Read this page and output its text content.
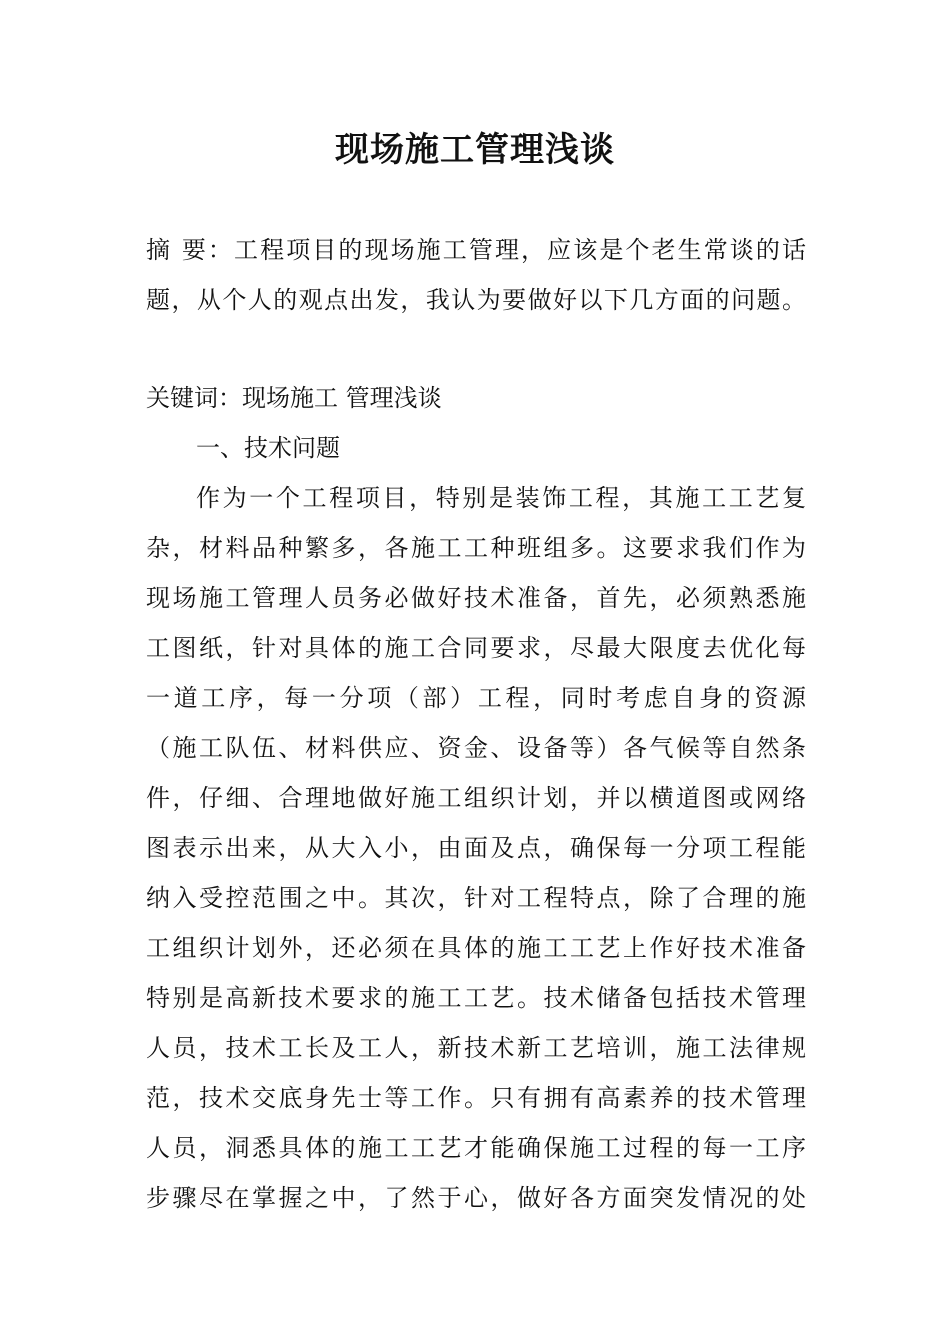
现场施工管理浅谈
摘 要：工程项目的现场施工管理，应该是个老生常谈的话
题，从个人的观点出发，我认为要做好以下几方面的问题。
关键词：现场施工 管理浅谈
一、技术问题
作为一个工程项目，特别是装饰工程，其施工工艺复
杂，材料品种繁多，各施工工种班组多。这要求我们作为
现场施工管理人员务必做好技术准备，首先，必须熟悉施
工图纸，针对具体的施工合同要求，尽最大限度去优化每
一道工序，每一分项（部）工程，同时考虑自身的资源
（施工队伍、材料供应、资金、设备等）各气候等自然条
件，仔细、合理地做好施工组织计划，并以横道图或网络
图表示出来，从大入小，由面及点，确保每一分项工程能
纳入受控范围之中。其次，针对工程特点，除了合理的施
工组织计划外，还必须在具体的施工工艺上作好技术准备
特别是高新技术要求的施工工艺。技术储备包括技术管理
人员，技术工长及工人，新技术新工艺培训，施工法律规
范，技术交底身先士等工作。只有拥有高素养的技术管理
人员，洞悉具体的施工工艺才能确保施工过程的每一工序
步骤尽在掌握之中，了然于心，做好各方面突发情况的处
